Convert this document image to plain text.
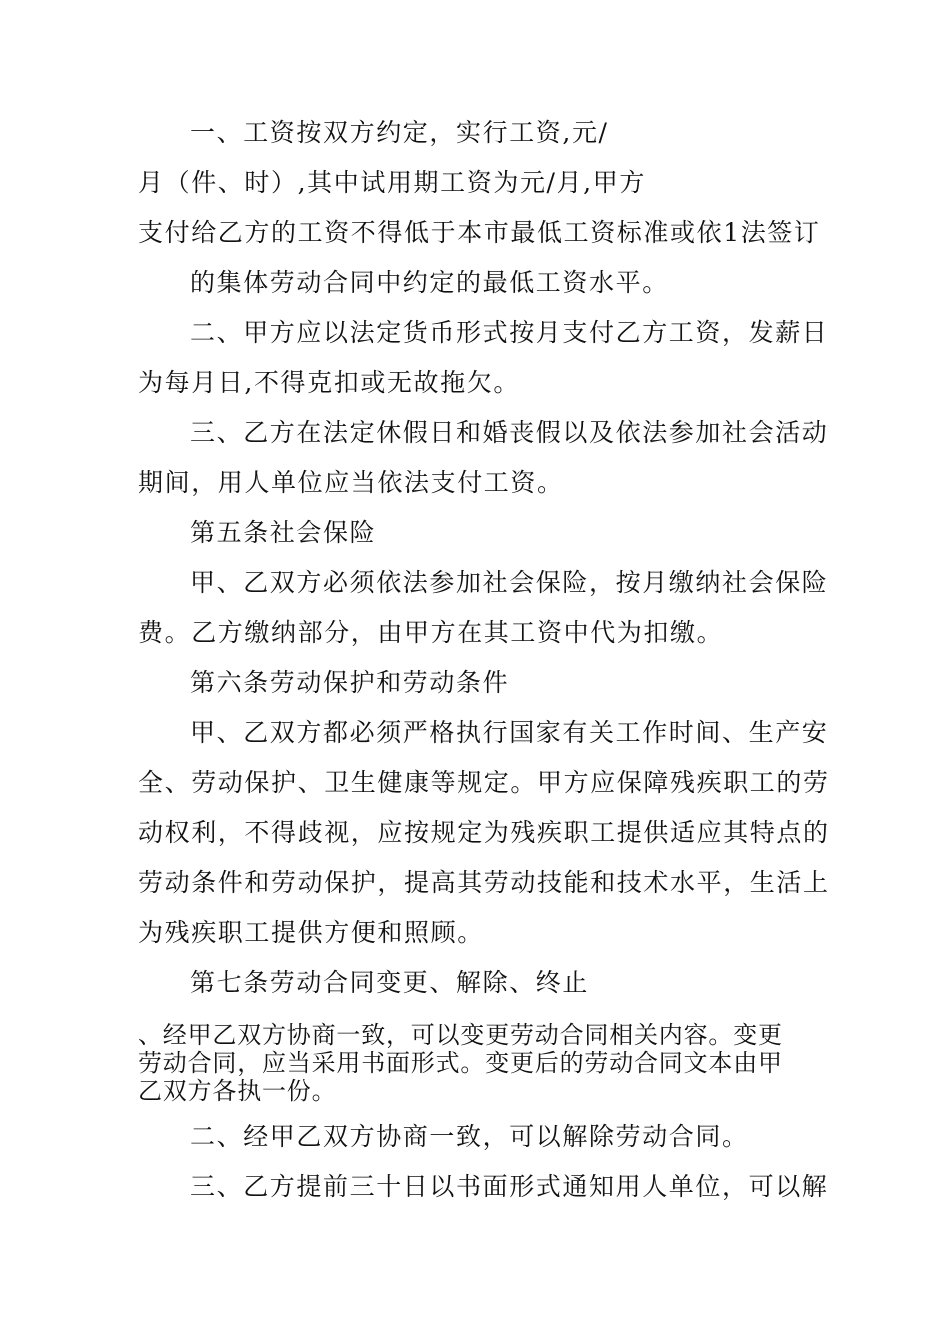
一、工资按双方约定，实行工资,元/
月（件、时）,其中试用期工资为元/月,甲方
支付给乙方的工资不得低于本市最低工资标准或依1法签订
的集体劳动合同中约定的最低工资水平。
二、甲方应以法定货币形式按月支付乙方工资，发薪日
为每月日,不得克扣或无故拖欠。
三、乙方在法定休假日和婚丧假以及依法参加社会活动
期间，用人单位应当依法支付工资。
第五条社会保险
甲、乙双方必须依法参加社会保险，按月缴纳社会保险
费。乙方缴纳部分，由甲方在其工资中代为扣缴。
第六条劳动保护和劳动条件
甲、乙双方都必须严格执行国家有关工作时间、生产安
全、劳动保护、卫生健康等规定。甲方应保障残疾职工的劳
动权利，不得歧视，应按规定为残疾职工提供适应其特点的
劳动条件和劳动保护，提高其劳动技能和技术水平，生活上
为残疾职工提供方便和照顾。
第七条劳动合同变更、解除、终止
、经甲乙双方协商一致，可以变更劳动合同相关内容。变更
劳动合同，应当采用书面形式。变更后的劳动合同文本由甲
乙双方各执一份。
二、经甲乙双方协商一致，可以解除劳动合同。
三、乙方提前三十日以书面形式通知用人单位，可以解
